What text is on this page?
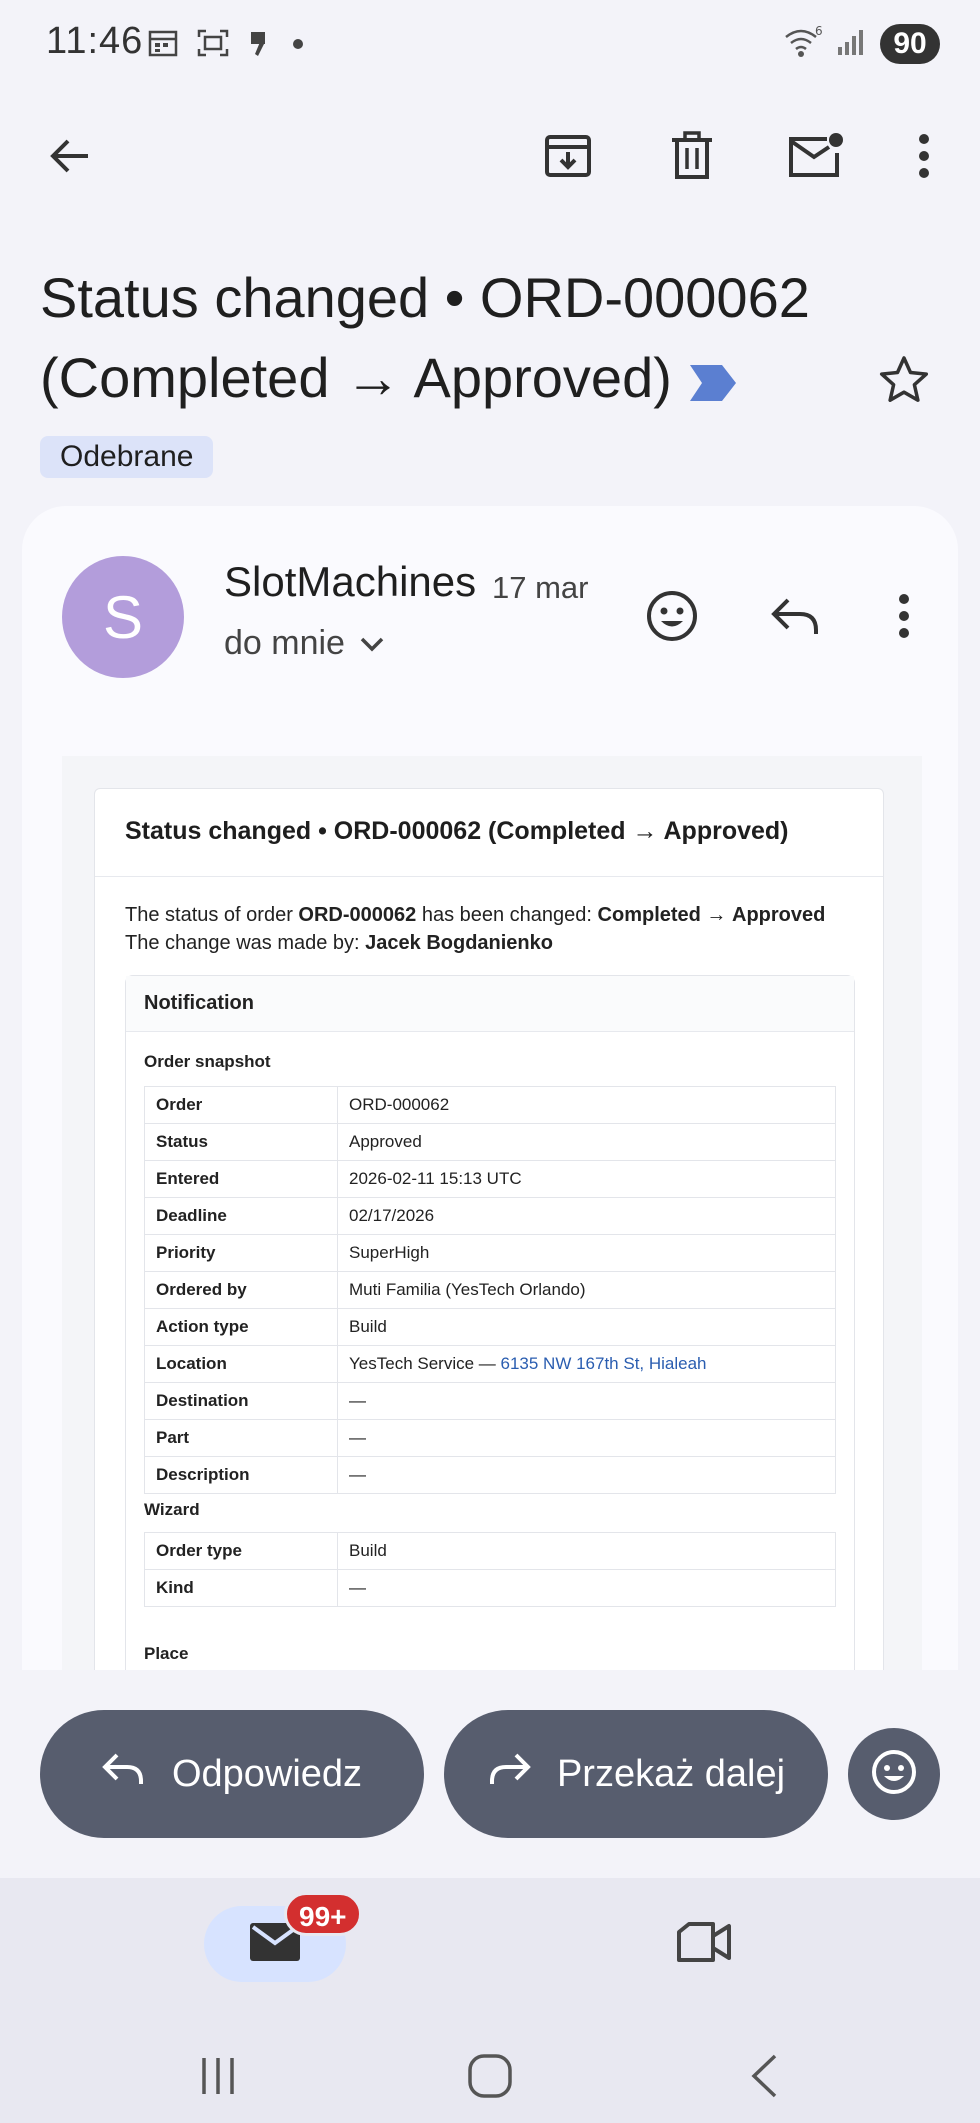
11:46	6	90
Status changed • ORD-000062 (Completed → Approved)
Odebrane
S
SlotMachines 17 mar
do mnie
Status changed • ORD-000062 (Completed → Approved)
The status of order ORD-000062 has been changed: Completed → Approved
The change was made by: Jacek Bogdanienko
Notification
Order snapshot
Order	ORD-000062
Status	Approved
Entered	2026-02-11 15:13 UTC
Deadline	02/17/2026
Priority	SuperHigh
Ordered by	Muti Familia (YesTech Orlando)
Action type	Build
Location	YesTech Service — 6135 NW 167th St, Hialeah
Destination	—
Part	—
Description	—
Wizard
Order type	Build
Kind	—
Place

Odpowiedz	Przekaż dalej
99+
